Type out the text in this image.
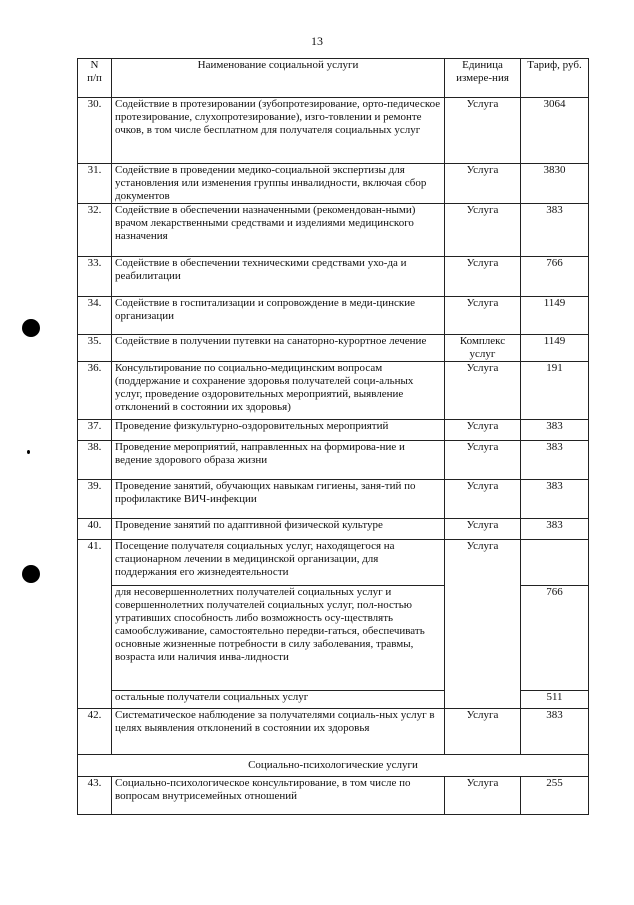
13
N
п/п	Наименование социальной услуги	Единица измере-ния	Тариф, руб.
30.	Содействие в протезировании (зубопротезирование, орто-педическое протезирование, слухопротезирование), изго-товлении и ремонте очков, в том числе бесплатном для получателя социальных услуг	Услуга	3064
31.	Содействие в проведении медико-социальной экспертизы для установления или изменения группы инвалидности, включая сбор документов	Услуга	3830
32.	Содействие в обеспечении назначенными (рекомендован-ными) врачом лекарственными средствами и изделиями медицинского назначения	Услуга	383
33.	Содействие в обеспечении техническими средствами ухо-да и реабилитации	Услуга	766
34.	Содействие в госпитализации и сопровождение в меди-цинские организации	Услуга	1149
35.	Содействие в получении путевки на санаторно-курортное лечение	Комплекс услуг	1149
36.	Консультирование по социально-медицинским вопросам (поддержание и сохранение здоровья получателей соци-альных услуг, проведение оздоровительных мероприятий, выявление отклонений в состоянии их здоровья)	Услуга	191
37.	Проведение физкультурно-оздоровительных мероприятий	Услуга	383
38.	Проведение мероприятий, направленных на формирова-ние и ведение здорового образа жизни	Услуга	383
39.	Проведение занятий, обучающих навыкам гигиены, заня-тий по профилактике ВИЧ-инфекции	Услуга	383
40.	Проведение занятий по адаптивной физической культуре	Услуга	383
41.	Посещение получателя социальных услуг, находящегося на стационарном лечении в медицинской организации, для поддержания его жизнедеятельности	Услуга	
	для несовершеннолетних получателей социальных услуг и совершеннолетних получателей социальных услуг, пол-ностью утративших способность либо возможность осу-ществлять самообслуживание, самостоятельно передви-гаться, обеспечивать основные жизненные потребности в силу заболевания, травмы, возраста или наличия инва-лидности		766
	остальные получатели социальных услуг		511
42.	Систематическое наблюдение за получателями социаль-ных услуг в целях выявления отклонений в состоянии их здоровья	Услуга	383
Социально-психологические услуги			
43.	Социально-психологическое консультирование, в том числе по вопросам внутрисемейных отношений	Услуга	255
